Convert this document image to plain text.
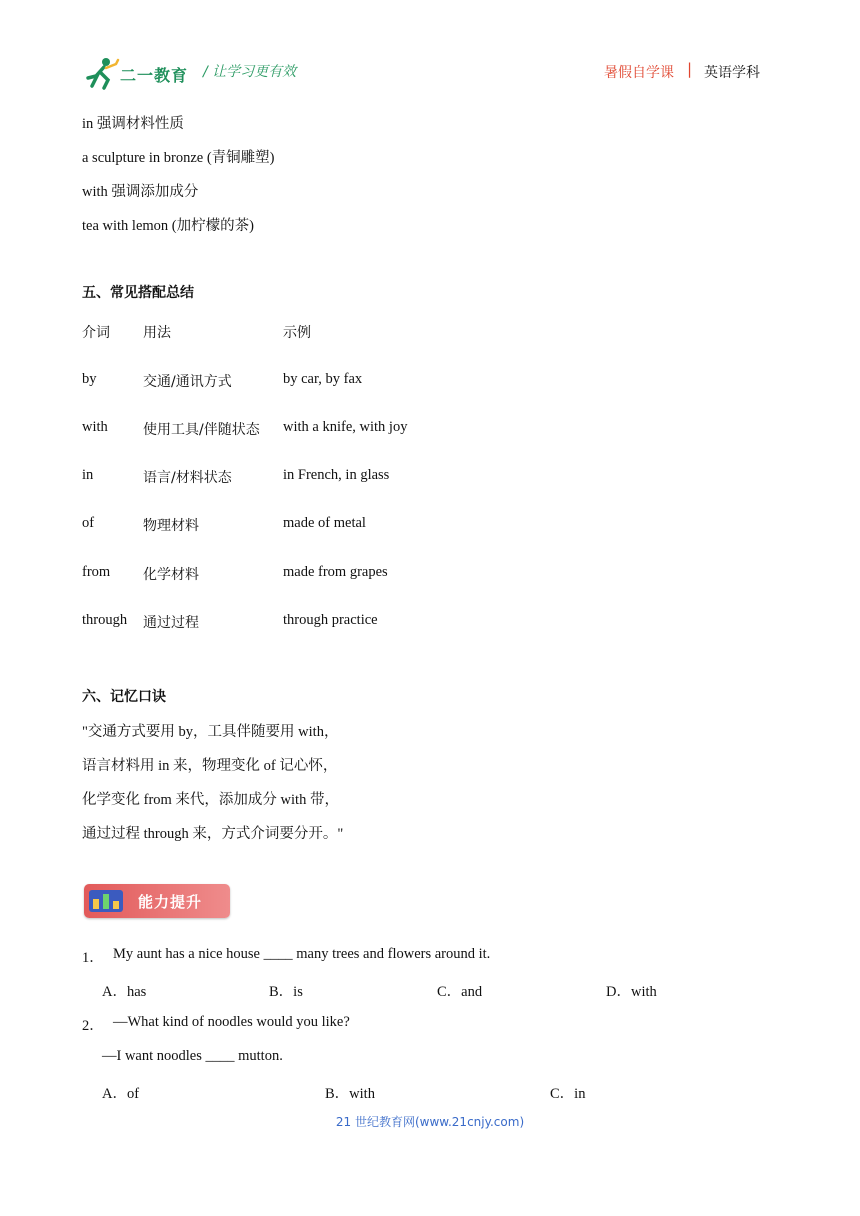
二一教育 / 让学习更有效	暑假自学课 | 英语学科
in 强调材料性质
a sculpture in bronze (青铜雕塑)
with 强调添加成分
tea with lemon (加柠檬的茶)
五、常见搭配总结
介词 用法	示例
by	交通/通讯方式	by car, by fax
with	使用工具/伴随状态 with a knife, with joy
in	语言/材料状态	in French, in glass
of	物理材料	made of metal
from 化学材料	made from grapes
through 通过过程	through practice
六、记忆口诀
"交通方式要用 by，工具伴随要用 with，
语言材料用 in 来，物理变化 of 记心怀，
化学变化 from 来代，添加成分 with 带，
通过过程 through 来，方式介词要分开。"
能力提升
1． My aunt has a nice house ____ many trees and flowers around it.
A．has	B．is	C．and	D．with
2． —What kind of noodles would you like?
—I want noodles ____ mutton.
A．of	B．with	C．in
21 世纪教育网(www.21cnjy.com)
